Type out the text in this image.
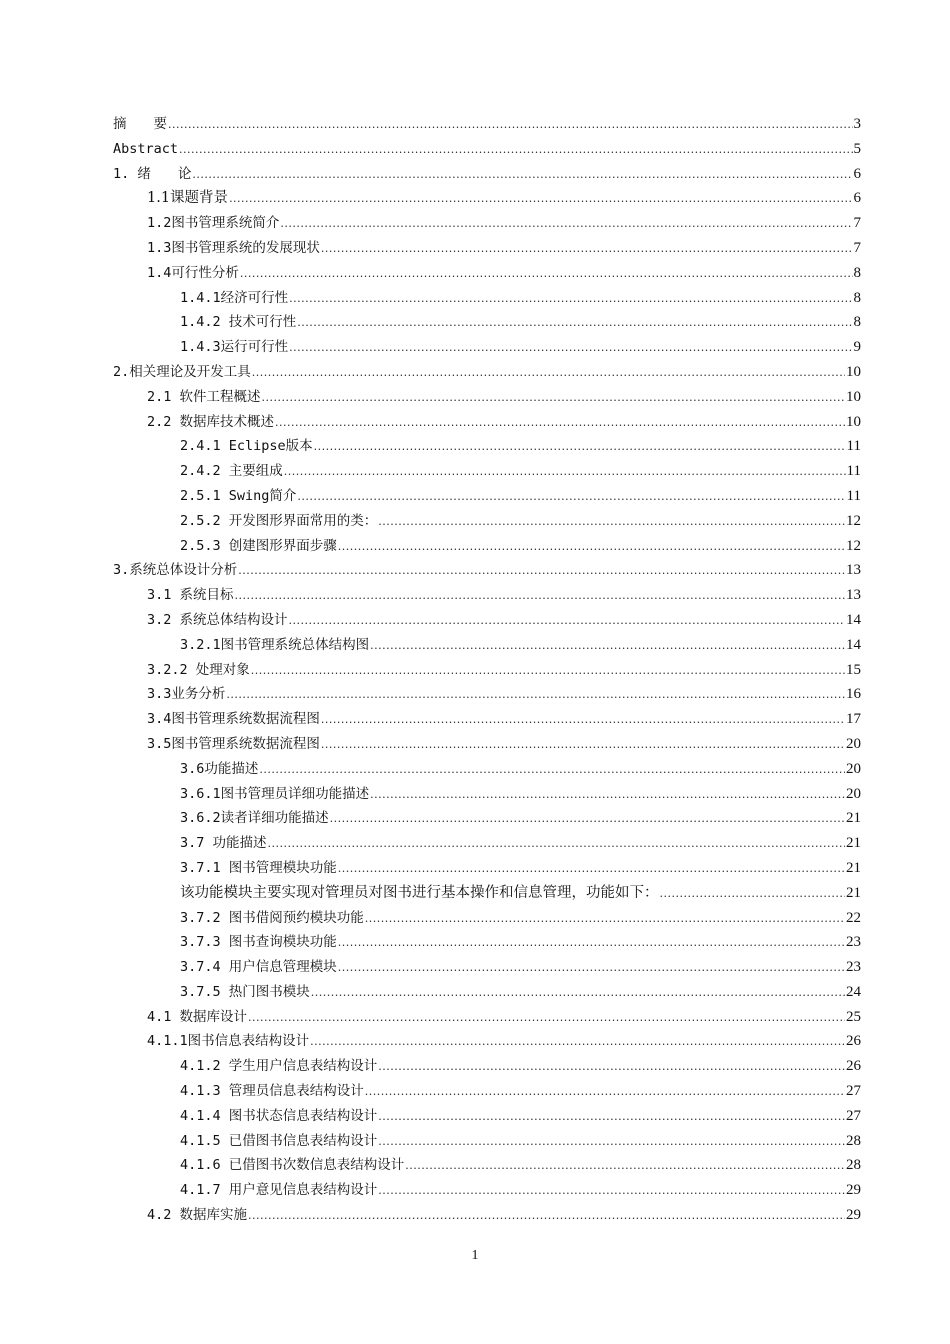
摘　　要 .....	3
Abstract .....	5
1. 绪　　论 .....	6
1.1课题背景 .....	6
1.2图书管理系统简介 .....	7
1.3图书管理系统的发展现状 .....	7
1.4可行性分析 .....	8
1.4.1经济可行性 .....	8
1.4.2 技术可行性 .....	8
1.4.3运行可行性 .....	9
2.相关理论及开发工具 .....	10
2.1 软件工程概述 .....	10
2.2 数据库技术概述 .....	10
2.4.1 Eclipse版本 .....	11
2.4.2 主要组成 .....	11
2.5.1 Swing简介 .....	11
2.5.2 开发图形界面常用的类： .....	12
2.5.3 创建图形界面步骤 .....	12
3.系统总体设计分析 .....	13
3.1 系统目标 .....	13
3.2 系统总体结构设计 .....	14
3.2.1图书管理系统总体结构图 .....	14
3.2.2 处理对象 .....	15
3.3业务分析 .....	16
3.4图书管理系统数据流程图 .....	17
3.5图书管理系统数据流程图 .....	20
3.6功能描述 .....	20
3.6.1图书管理员详细功能描述 .....	20
3.6.2读者详细功能描述 .....	21
3.7 功能描述 .....	21
3.7.1 图书管理模块功能 .....	21
该功能模块主要实现对管理员对图书进行基本操作和信息管理，功能如下： .....	21
3.7.2 图书借阅预约模块功能 .....	22
3.7.3 图书查询模块功能 .....	23
3.7.4 用户信息管理模块 .....	23
3.7.5 热门图书模块 .....	24
4.1 数据库设计 .....	25
4.1.1图书信息表结构设计 .....	26
4.1.2 学生用户信息表结构设计 .....	26
4.1.3 管理员信息表结构设计 .....	27
4.1.4 图书状态信息表结构设计 .....	27
4.1.5 已借图书信息表结构设计 .....	28
4.1.6 已借图书次数信息表结构设计 .....	28
4.1.7 用户意见信息表结构设计 .....	29
4.2 数据库实施 .....	29
1
